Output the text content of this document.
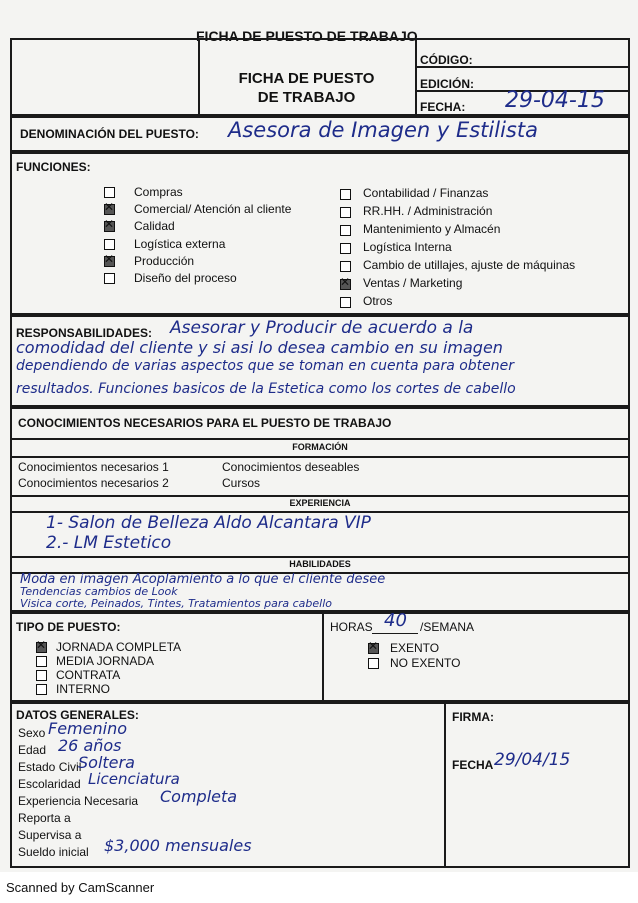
FICHA DE PUESTO DE TRABAJO
FICHA DE PUESTO
DE TRABAJO
CÓDIGO:
EDICIÓN:
FECHA: 29-04-15
DENOMINACIÓN DEL PUESTO: Asesora de Imagen y Estilista
FUNCIONES:
Compras
✕
Comercial/ Atención al cliente
✕
Calidad
Logística externa
✕
Producción
Diseño del proceso
Contabilidad / Finanzas
RR.HH. / Administración
Mantenimiento y Almacén
Logística Interna
Cambio de utillajes, ajuste de máquinas
✕
Ventas / Marketing
Otros
RESPONSABILIDADES: Asesorar y Producir de acuerdo a la
comodidad del cliente y si asi lo desea cambio en su imagen
dependiendo de varias aspectos que se toman en cuenta para obtener
resultados. Funciones basicos de la Estetica como los cortes de cabello
CONOCIMIENTOS NECESARIOS PARA EL PUESTO DE TRABAJO
FORMACIÓN
Conocimientos necesarios 1
Conocimientos necesarios 2
Conocimientos deseables
Cursos
EXPERIENCIA
1- Salon de Belleza Aldo Alcantara VIP
2.- LM Estetico
HABILIDADES
Moda en imagen Acoplamiento a lo que el cliente desee
Tendencias cambios de Look
Visica corte, Peinados, Tintes, Tratamientos para cabello
TIPO DE PUESTO:
✕
JORNADA COMPLETA
MEDIA JORNADA
CONTRATA
INTERNO
HORAS 40 /SEMANA
✕
EXENTO
NO EXENTO
DATOS GENERALES:
Sexo Femenino
Edad 26 años
Estado Civil
Soltera
Escolaridad Licenciatura
Experiencia Necesaria Completa
Reporta a
Supervisa a
Sueldo inicial $3,000 mensuales
FIRMA:
FECHA 29/04/15
Scanned by CamScanner
